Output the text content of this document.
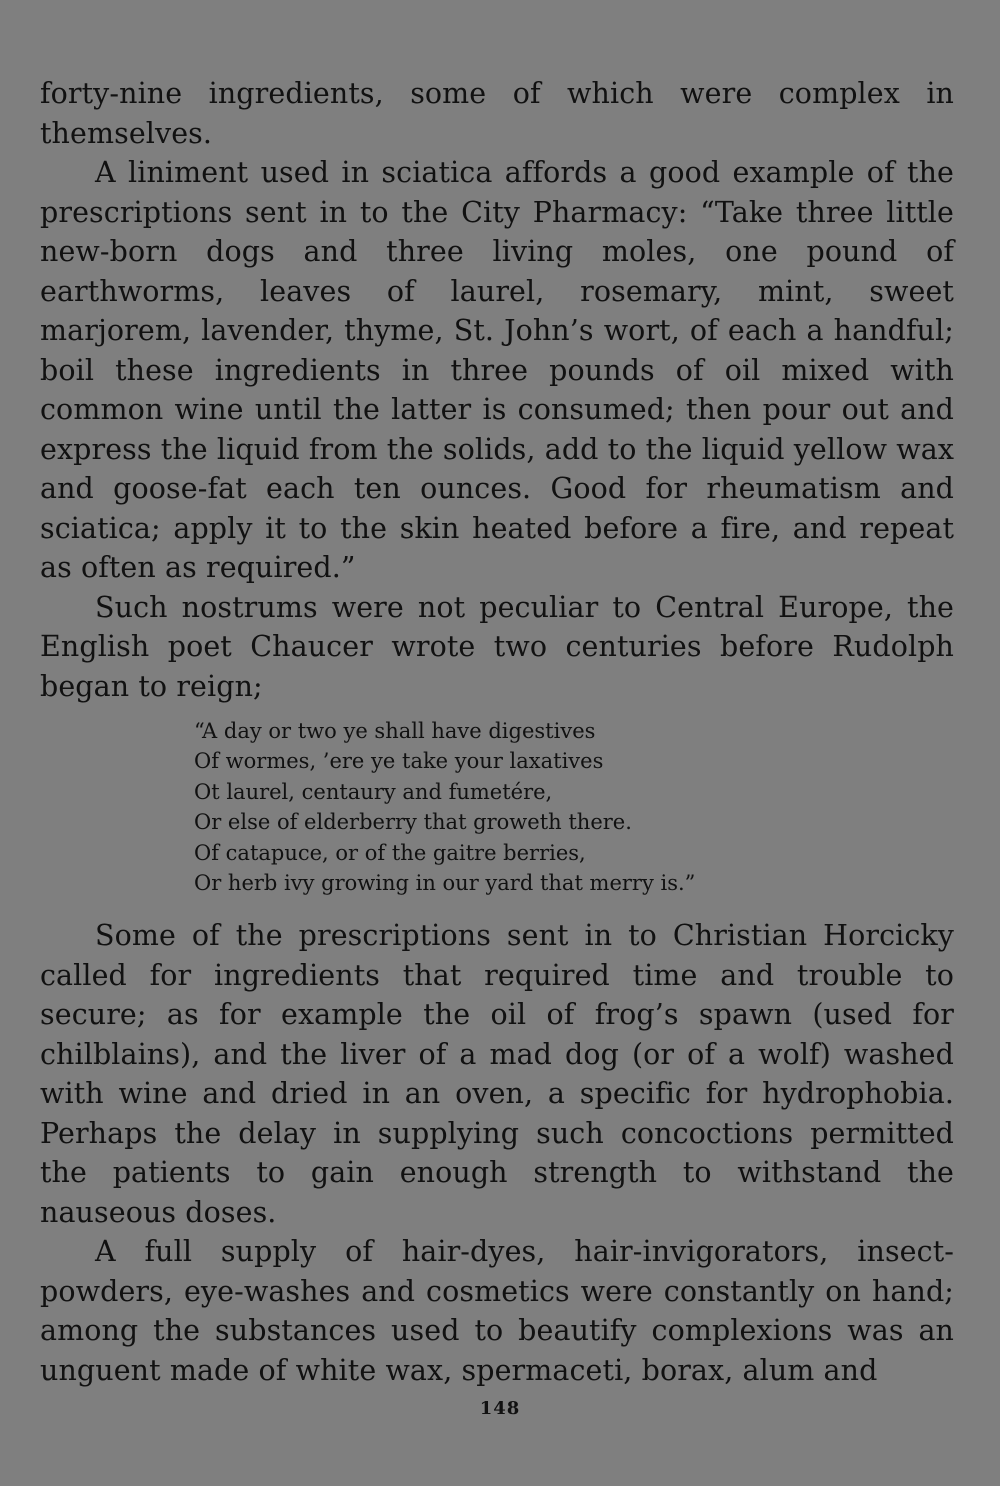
forty-nine ingredients, some of which were complex in themselves.

A liniment used in sciatica affords a good example of the prescriptions sent in to the City Pharmacy: “Take three little new-born dogs and three living moles, one pound of earthworms, leaves of laurel, rosemary, mint, sweet marjorem, lavender, thyme, St. John’s wort, of each a handful; boil these ingredients in three pounds of oil mixed with common wine until the latter is consumed; then pour out and express the liquid from the solids, add to the liquid yellow wax and goose-fat each ten ounces. Good for rheumatism and sciatica; apply it to the skin heated before a fire, and repeat as often as required.”

Such nostrums were not peculiar to Central Europe, the English poet Chaucer wrote two centuries before Rudolph began to reign;

“A day or two ye shall have digestives
Of wormes, ’ere ye take your laxatives
Ot laurel, centaury and fumetére,
Or else of elderberry that groweth there.
Of catapuce, or of the gaitre berries,
Or herb ivy growing in our yard that merry is.”

Some of the prescriptions sent in to Christian Horcicky called for ingredients that required time and trouble to secure; as for example the oil of frog’s spawn (used for chilblains), and the liver of a mad dog (or of a wolf) washed with wine and dried in an oven, a specific for hydrophobia. Perhaps the delay in supplying such concoctions permitted the patients to gain enough strength to withstand the nauseous doses.

A full supply of hair-dyes, hair-invigorators, insect-powders, eye-washes and cosmetics were constantly on hand; among the substances used to beautify complexions was an unguent made of white wax, spermaceti, borax, alum and

148
